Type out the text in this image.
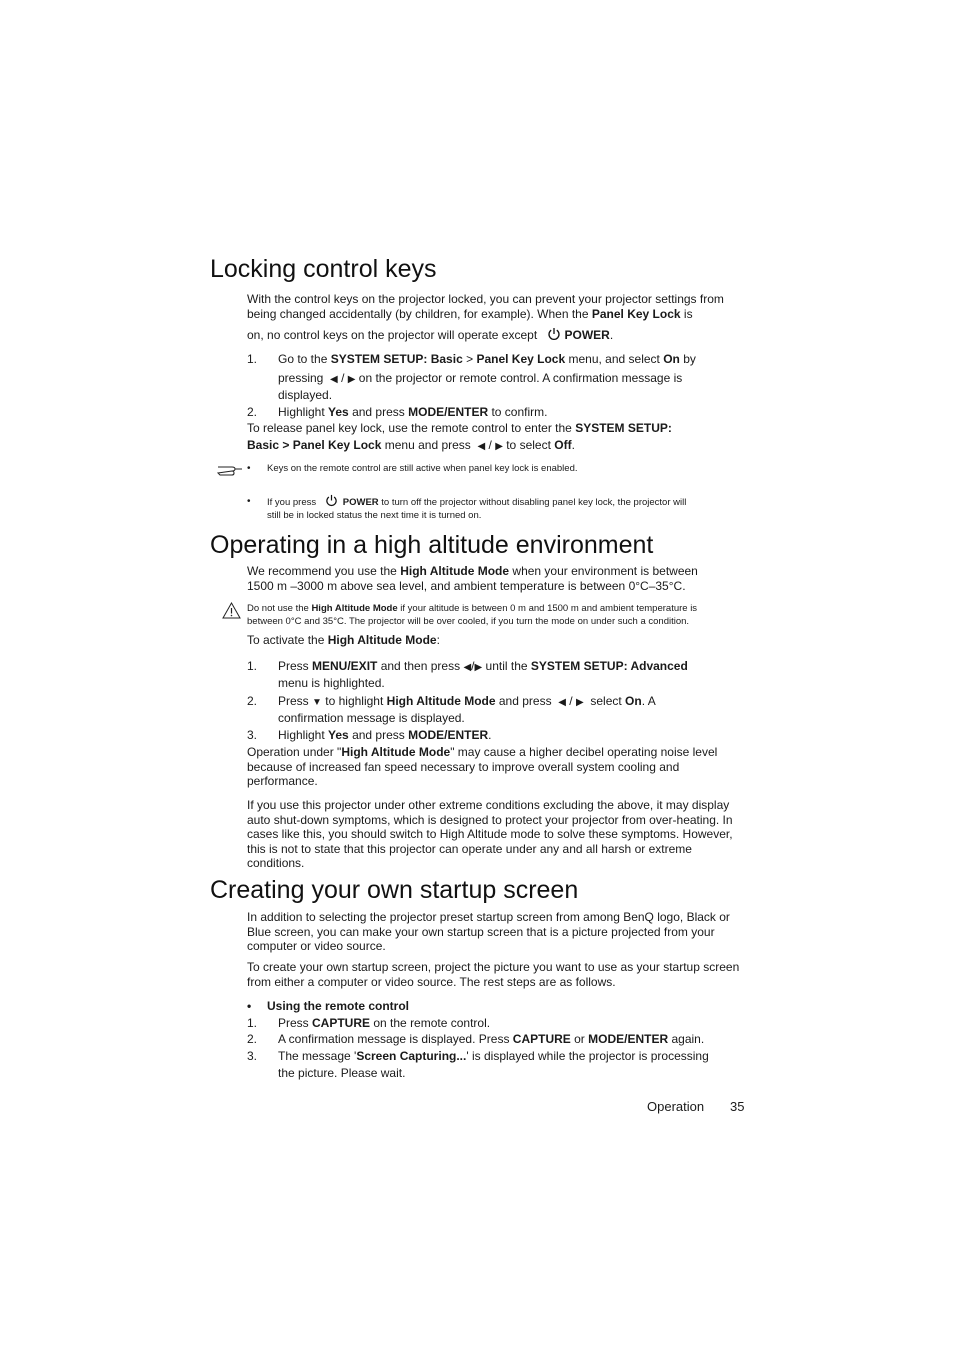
Locking control keys

With the control keys on the projector locked, you can prevent your projector settings from being changed accidentally (by children, for example). When the Panel Key Lock is

on, no control keys on the projector will operate except POWER.

1. Go to the SYSTEM SETUP: Basic > Panel Key Lock menu, and select On by

pressing ◀ / ▶ on the projector or remote control. A confirmation message is

displayed.

2. Highlight Yes and press MODE/ENTER to confirm.

To release panel key lock, use the remote control to enter the SYSTEM SETUP:

Basic > Panel Key Lock menu and press ◀ / ▶ to select Off.

• Keys on the remote control are still active when panel key lock is enabled.

• If you press	POWER to turn off the projector without disabling panel key lock, the projector will

still be in locked status the next time it is turned on.

Operating in a high altitude environment

We recommend you use the High Altitude Mode when your environment is between

1500 m –3000 m above sea level, and ambient temperature is between 0°C–35°C.

Do not use the High Altitude Mode if your altitude is between 0 m and 1500 m and ambient temperature is

between 0°C and 35°C. The projector will be over cooled, if you turn the mode on under such a condition.

To activate the High Altitude Mode:

1. Press MENU/EXIT and then press ◀/▶ until the SYSTEM SETUP: Advanced

menu is highlighted.

2. Press ▼ to highlight High Altitude Mode and press ◀ / ▶  select On. A

confirmation message is displayed.

3. Highlight Yes and press MODE/ENTER.

Operation under "High Altitude Mode" may cause a higher decibel operating noise level because of increased fan speed necessary to improve overall system cooling and performance.

If you use this projector under other extreme conditions excluding the above, it may display auto shut-down symptoms, which is designed to protect your projector from over-heating. In cases like this, you should switch to High Altitude mode to solve these symptoms. However, this is not to state that this projector can operate under any and all harsh or extreme conditions.

Creating your own startup screen

In addition to selecting the projector preset startup screen from among BenQ logo, Black or Blue screen, you can make your own startup screen that is a picture projected from your computer or video source.

To create your own startup screen, project the picture you want to use as your startup screen from either a computer or video source. The rest steps are as follows.

• Using the remote control
1. Press CAPTURE on the remote control.

2. A confirmation message is displayed. Press CAPTURE or MODE/ENTER again.

3. The message 'Screen Capturing...' is displayed while the projector is processing

the picture. Please wait.

Operation 35
